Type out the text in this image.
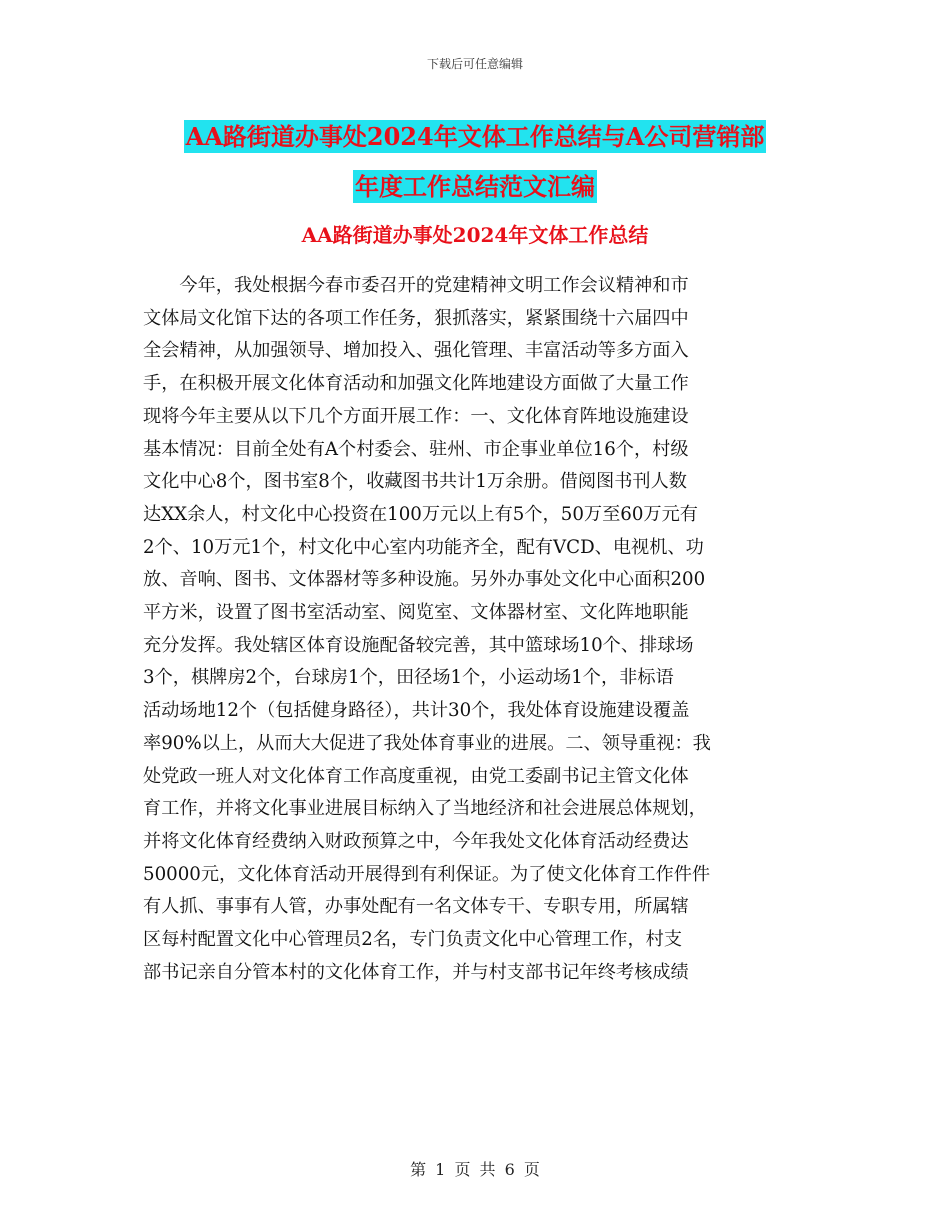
下载后可任意编辑
AA路街道办事处2024年文体工作总结与A公司营销部
年度工作总结范文汇编
AA路街道办事处2024年文体工作总结
　　今年，我处根据今春市委召开的党建精神文明工作会议精神和市
文体局文化馆下达的各项工作任务，狠抓落实，紧紧围绕十六届四中
全会精神，从加强领导、增加投入、强化管理、丰富活动等多方面入
手，在积极开展文化体育活动和加强文化阵地建设方面做了大量工作
现将今年主要从以下几个方面开展工作：一、文化体育阵地设施建设
基本情况：目前全处有A个村委会、驻州、市企事业单位16个，村级
文化中心8个，图书室8个，收藏图书共计1万余册。借阅图书刊人数
达XX余人，村文化中心投资在100万元以上有5个，50万至60万元有
2个、10万元1个，村文化中心室内功能齐全，配有VCD、电视机、功
放、音响、图书、文体器材等多种设施。另外办事处文化中心面积200
平方米，设置了图书室活动室、阅览室、文体器材室、文化阵地职能
充分发挥。我处辖区体育设施配备较完善，其中篮球场10个、排球场
3个，棋牌房2个，台球房1个，田径场1个，小运动场1个，非标语
活动场地12个（包括健身路径），共计30个，我处体育设施建设覆盖
率90%以上，从而大大促进了我处体育事业的进展。二、领导重视：我
处党政一班人对文化体育工作高度重视，由党工委副书记主管文化体
育工作，并将文化事业进展目标纳入了当地经济和社会进展总体规划，
并将文化体育经费纳入财政预算之中，今年我处文化体育活动经费达
50000元，文化体育活动开展得到有利保证。为了使文化体育工作件件
有人抓、事事有人管，办事处配有一名文体专干、专职专用，所属辖
区每村配置文化中心管理员2名，专门负责文化中心管理工作，村支
部书记亲自分管本村的文化体育工作，并与村支部书记年终考核成绩
第 1 页 共 6 页
